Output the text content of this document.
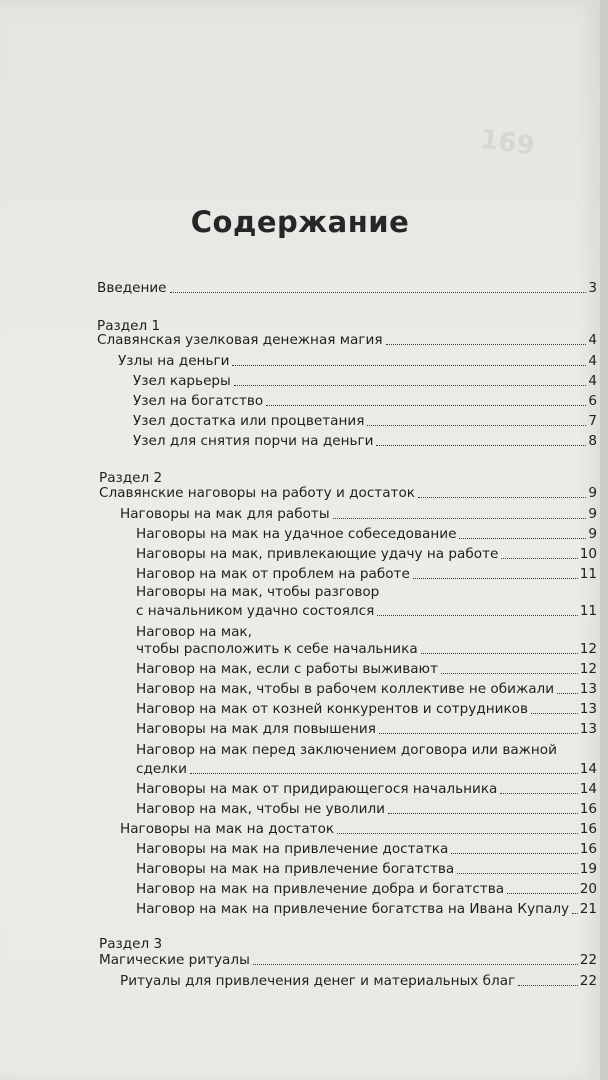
169
Содержание
Введение	3
Раздел 1
Славянская узелковая денежная магия	4
Узлы на деньги	4
Узел карьеры	4
Узел на богатство	6
Узел достатка или процветания	7
Узел для снятия порчи на деньги	8
Раздел 2
Славянские наговоры на работу и достаток	9
Наговоры на мак для работы	9
Наговоры на мак на удачное собеседование	9
Наговоры на мак, привлекающие удачу на работе	10
Наговор на мак от проблем на работе	11
Наговоры на мак, чтобы разговор
с начальником удачно состоялся	11
Наговор на мак,
чтобы расположить к себе начальника	12
Наговор на мак, если с работы выживают	12
Наговор на мак, чтобы в рабочем коллективе не обижали 13
Наговор на мак от козней конкурентов и сотрудников	13
Наговоры на мак для повышения	13
Наговор на мак перед заключением договора или важной
сделки	14
Наговоры на мак от придирающегося начальника	14
Наговор на мак, чтобы не уволили	16
Наговоры на мак на достаток	16
Наговоры на мак на привлечение достатка	16
Наговоры на мак на привлечение богатства	19
Наговор на мак на привлечение добра и богатства	20
Наговор на мак на привлечение богатства на Ивана Купалу 21
Раздел 3
Магические ритуалы	22
Ритуалы для привлечения денег и материальных благ	22
